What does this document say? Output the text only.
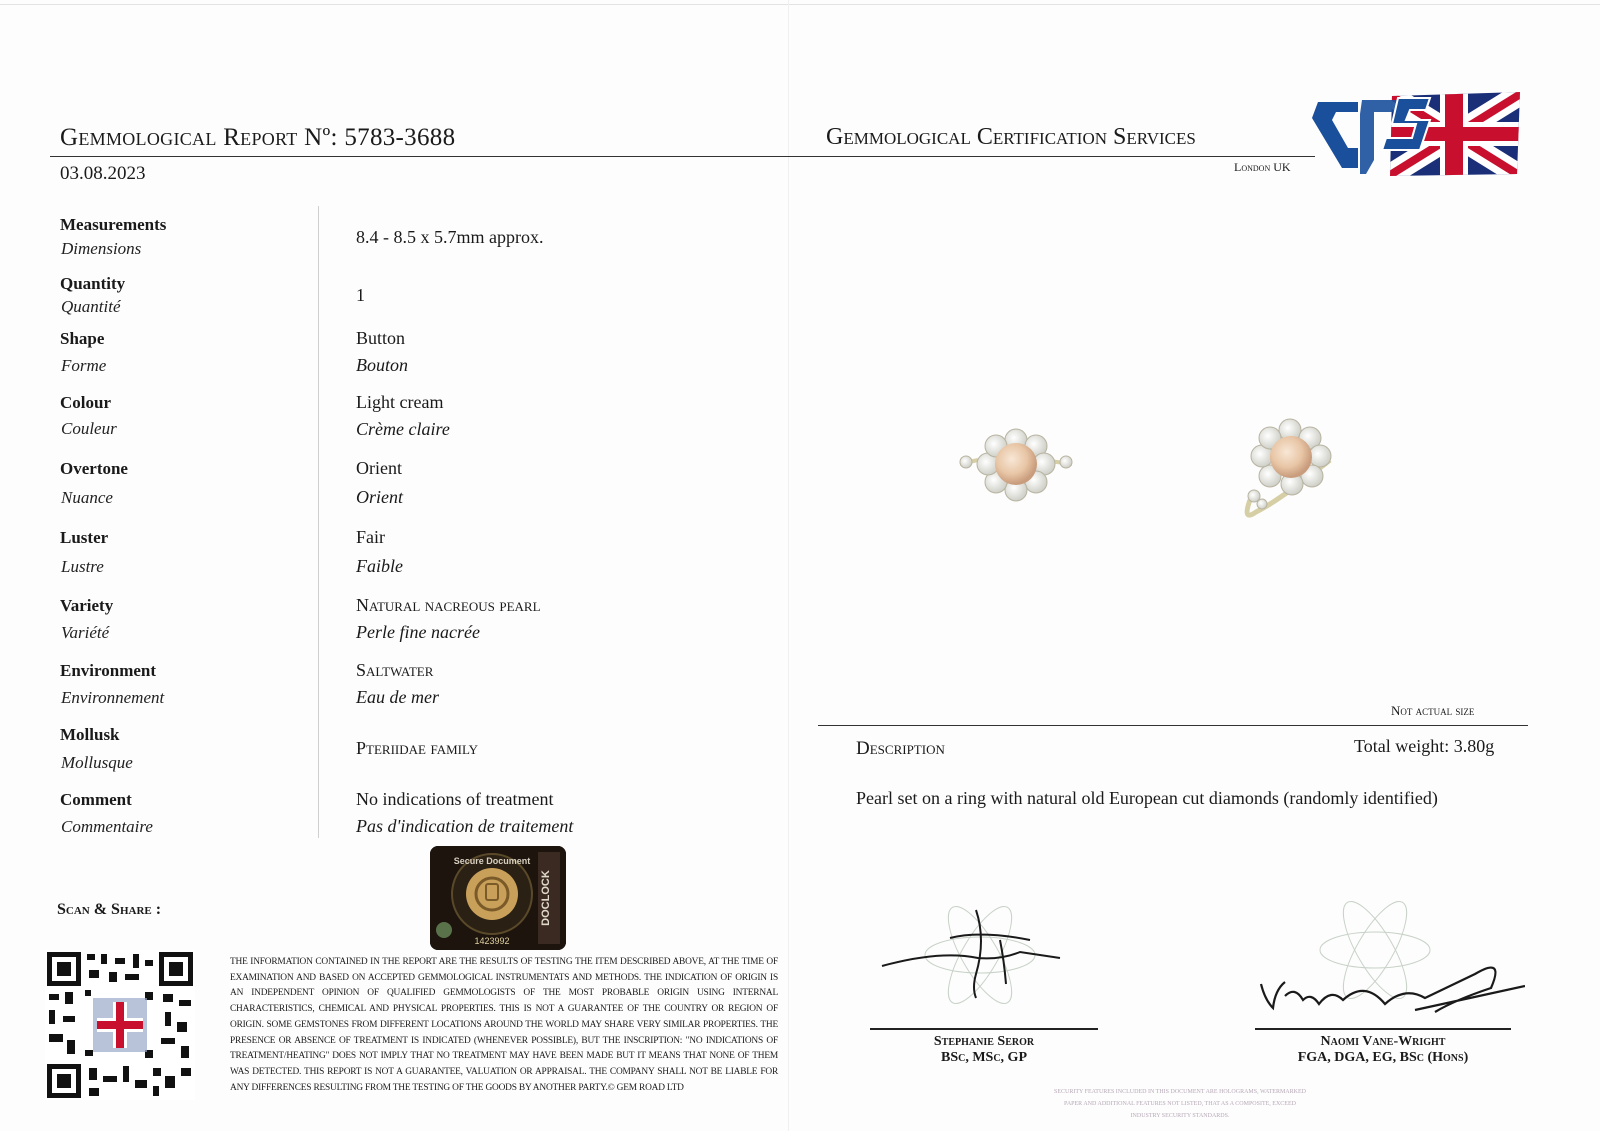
Gemmological Report Nº: 5783-3688
03.08.2023
Gemmological Certification Services
London UK
Measurements
Dimensions
8.4 - 8.5 x 5.7mm approx.
Quantity
Quantité
1
Shape
Forme
Button
Bouton
Colour
Couleur
Light cream
Crème claire
Overtone
Nuance
Orient
Orient
Luster
Lustre
Fair
Faible
Variety
Variété
Natural nacreous pearl
Perle fine nacrée
Environment
Environnement
Saltwater
Eau de mer
Mollusk
Mollusque
Pteriidae family
Comment
Commentaire
No indications of treatment
Pas d'indication de traitement
Not actual size
Description	Total weight: 3.80g
Pearl set on a ring with natural old European cut diamonds (randomly identified)
Secure Document
DOCLOCK
1423992
Scan & Share :
THE INFORMATION CONTAINED IN THE REPORT ARE THE RESULTS OF TESTING THE ITEM DESCRIBED ABOVE, AT THE TIME OF EXAMINATION AND BASED ON ACCEPTED GEMMOLOGICAL INSTRUMENTATS AND METHODS. THE INDICATION OF ORIGIN IS AN INDEPENDENT OPINION OF QUALIFIED GEMMOLOGISTS OF THE MOST PROBABLE ORIGIN USING INTERNAL CHARACTERISTICS, CHEMICAL AND PHYSICAL PROPERTIES. THIS IS NOT A GUARANTEE OF THE COUNTRY OR REGION OF ORIGIN. SOME GEMSTONES FROM DIFFERENT LOCATIONS AROUND THE WORLD MAY SHARE VERY SIMILAR PROPERTIES. THE PRESENCE OR ABSENCE OF TREATMENT IS INDICATED (WHENEVER POSSIBLE), BUT THE INSCRIPTION: "NO INDICATIONS OF TREATMENT/HEATING" DOES NOT IMPLY THAT NO TREATMENT MAY HAVE BEEN MADE BUT IT MEANS THAT NONE OF THEM WAS DETECTED. THIS REPORT IS NOT A GUARANTEE, VALUATION OR APPRAISAL. THE COMPANY SHALL NOT BE LIABLE FOR ANY DIFFERENCES RESULTING FROM THE TESTING OF THE GOODS BY ANOTHER PARTY.© GEM ROAD LTD
Stephanie Seror
BSc, MSc, GP
Naomi Vane-Wright
FGA, DGA, EG, BSc (Hons)
SECURITY FEATURES INCLUDED IN THIS DOCUMENT ARE HOLOGRAMS, WATERMARKED PAPER AND ADDITIONAL FEATURES NOT LISTED, THAT AS A COMPOSITE, EXCEED INDUSTRY SECURITY STANDARDS.
